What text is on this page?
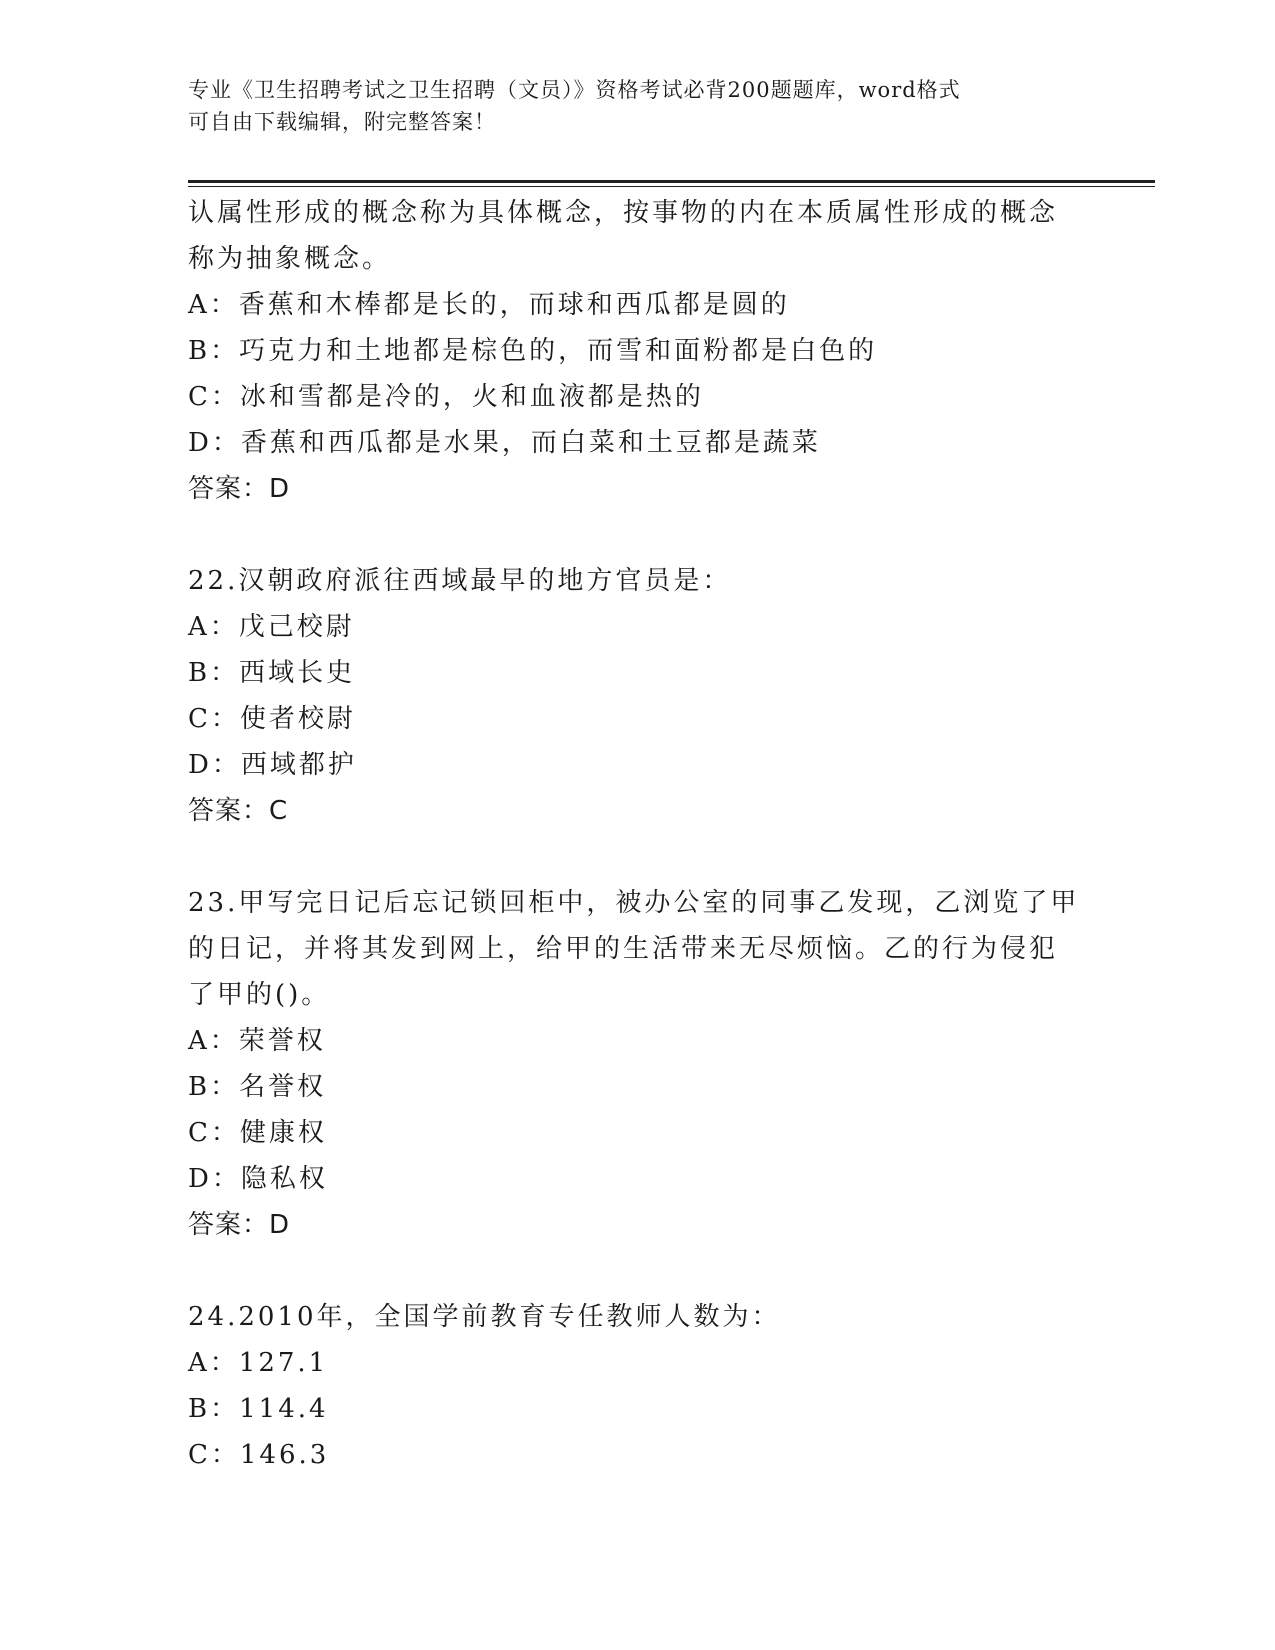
专业《卫生招聘考试之卫生招聘（文员）》资格考试必背200题题库，word格式
可自由下载编辑，附完整答案！
认属性形成的概念称为具体概念，按事物的内在本质属性形成的概念
称为抽象概念。
A：香蕉和木棒都是长的，而球和西瓜都是圆的
B：巧克力和土地都是棕色的，而雪和面粉都是白色的
C：冰和雪都是冷的，火和血液都是热的
D：香蕉和西瓜都是水果，而白菜和土豆都是蔬菜
答案：D
22.汉朝政府派往西域最早的地方官员是：
A：戊己校尉
B：西域长史
C：使者校尉
D：西域都护
答案：C
23.甲写完日记后忘记锁回柜中，被办公室的同事乙发现，乙浏览了甲
的日记，并将其发到网上，给甲的生活带来无尽烦恼。乙的行为侵犯
了甲的()。
A：荣誉权
B：名誉权
C：健康权
D：隐私权
答案：D
24.2010年，全国学前教育专任教师人数为：
A：127.1
B：114.4
C：146.3
